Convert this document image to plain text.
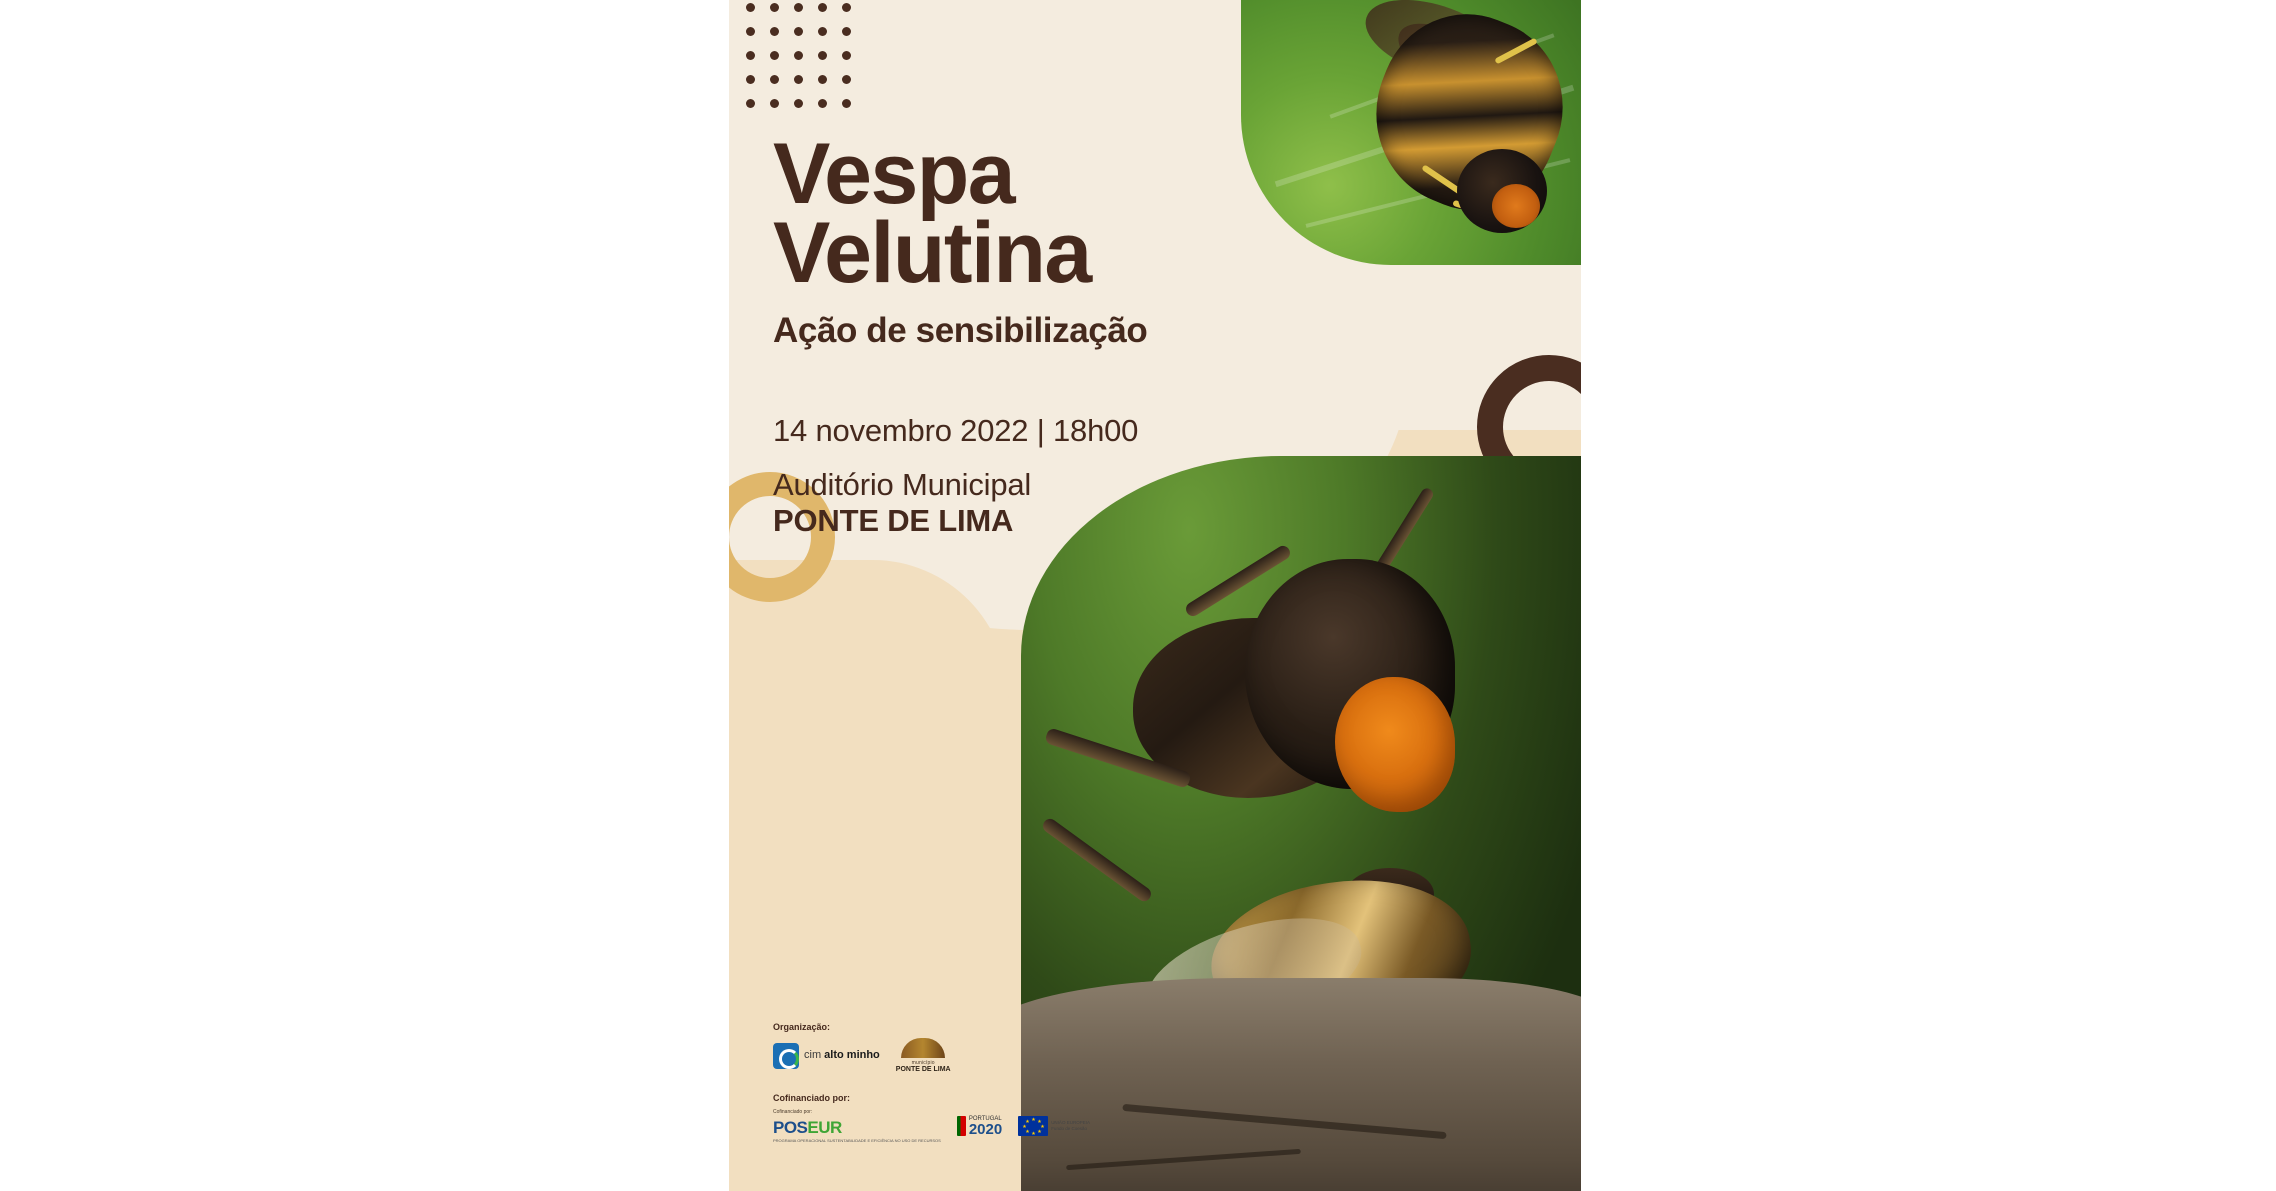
Vespa
Velutina

Ação de sensibilização

14 novembro 2022 | 18h00

Auditório Municipal
PONTE DE LIMA

Organização:
cim alto minho
município
PONTE DE LIMA
Cofinanciado por:
Cofinanciado por:
POSEUR
PROGRAMA OPERACIONAL SUSTENTABILIDADE E EFICIÊNCIA NO USO DE RECURSOS
PORTUGAL
2020
★ ★
★
★
★
★
★
★	UNIÃO EUROPEIA
Fundo de Coesão
